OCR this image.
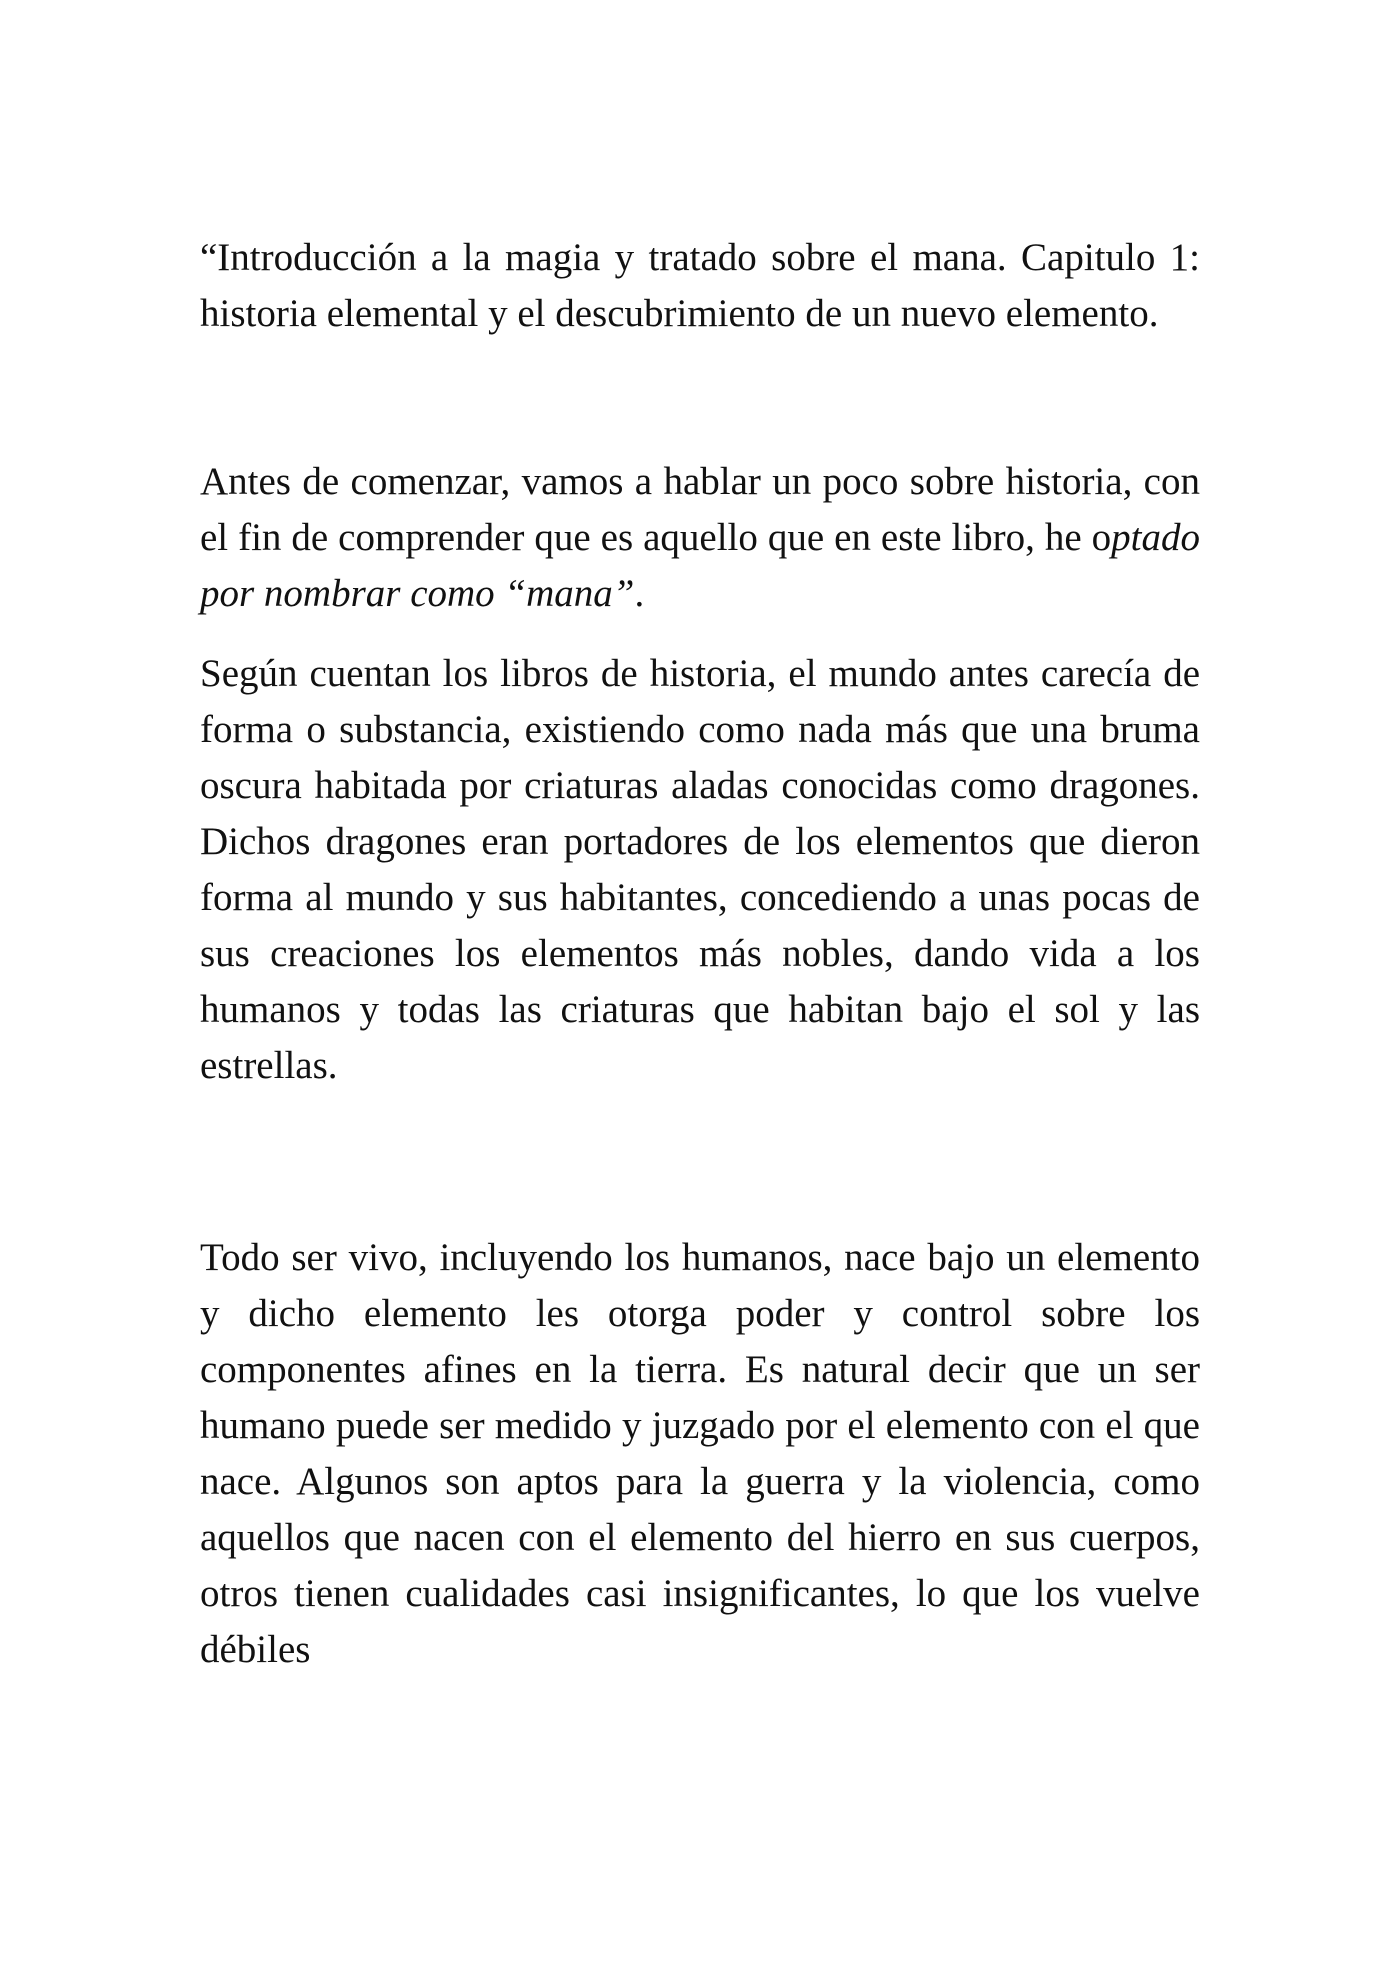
“Introducción a la magia y tratado sobre el mana. Capitulo 1: historia elemental y el descubrimiento de un nuevo elemento.

Antes de comenzar, vamos a hablar un poco sobre historia, con el fin de comprender que es aquello que en este libro, he optado por nombrar como “mana”.

Según cuentan los libros de historia, el mundo antes carecía de forma o substancia, existiendo como nada más que una bruma oscura habitada por criaturas aladas conocidas como dragones. Dichos dragones eran portadores de los elementos que dieron forma al mundo y sus habitantes, concediendo a unas pocas de sus creaciones los elementos más nobles, dando vida a los humanos y todas las criaturas que habitan bajo el sol y las estrellas.

Todo ser vivo, incluyendo los humanos, nace bajo un elemento y dicho elemento les otorga poder y control sobre los componentes afines en la tierra. Es natural decir que un ser humano puede ser medido y juzgado por el elemento con el que nace. Algunos son aptos para la guerra y la violencia, como aquellos que nacen con el elemento del hierro en sus cuerpos, otros tienen cualidades casi insignificantes, lo que los vuelve débiles
